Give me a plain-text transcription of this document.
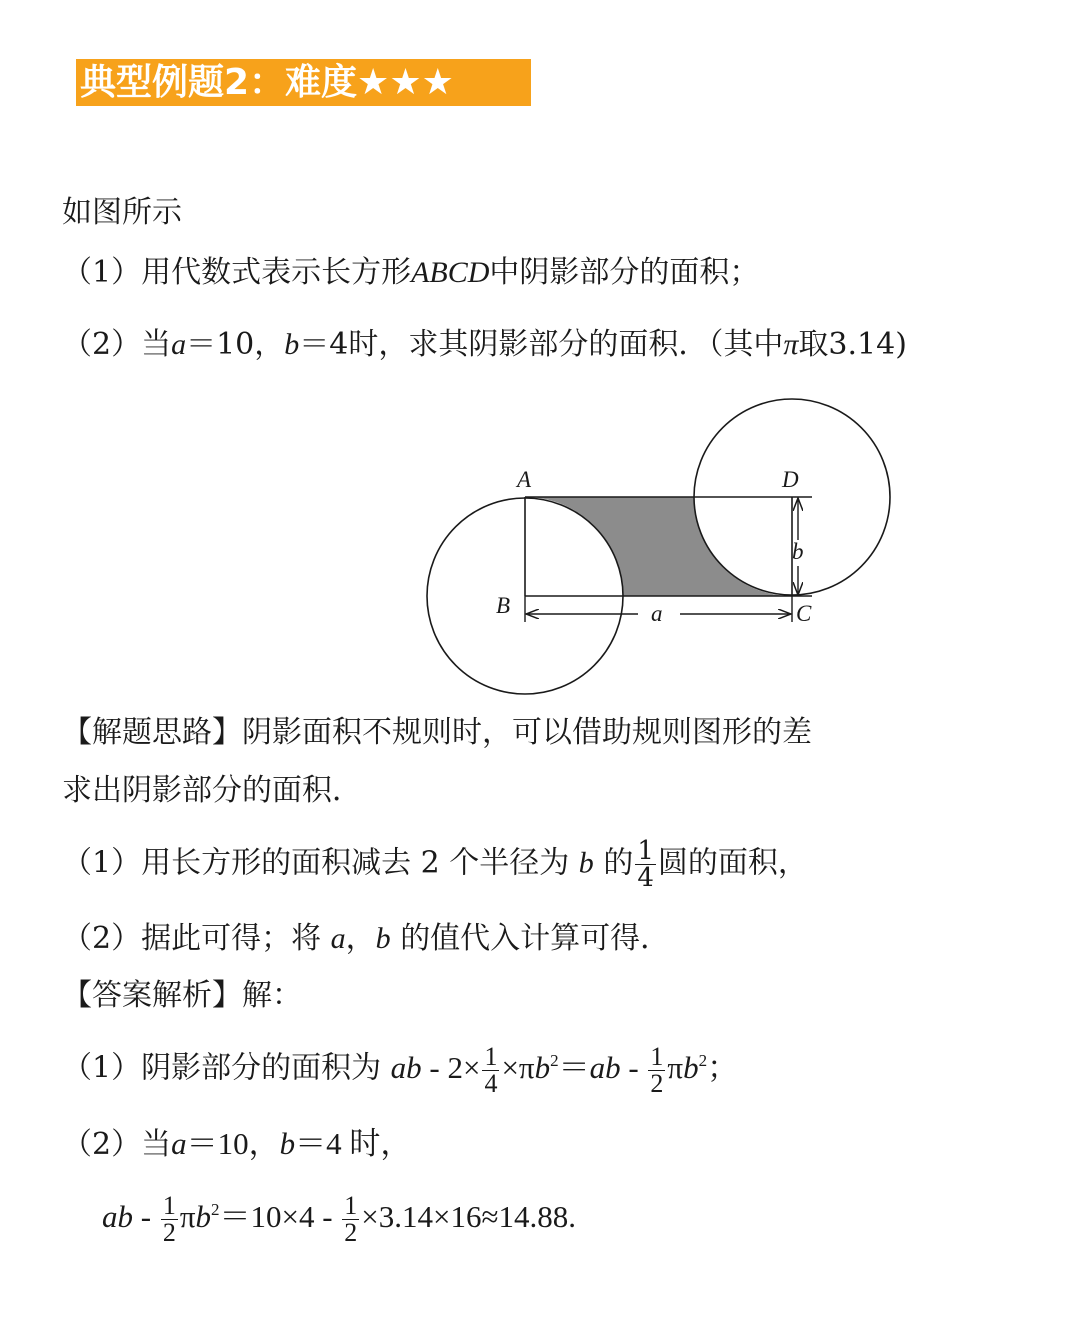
典型例题2：难度★★★
如图所示
（1）用代数式表示长方形ABCD中阴影部分的面积；
（2）当a＝10，b＝4时，求其阴影部分的面积．（其中π取3.14)
A
B	C
D
a
b
【解题思路】阴影面积不规则时，可以借助规则图形的差
求出阴影部分的面积．
（1）用长方形的面积减去 2 个半径为 b 的 $\frac{1}{4}$ 圆的面积，
（2）据此可得；将 a，b 的值代入计算可得．
【答案解析】解：
（1）阴影部分的面积为 ab - $2\times \frac{1}{4} \times\pi b^2=ab - \frac{1}{2} \pi b^2$；
（2）当a＝10，b＝4 时，
ab - $\frac{1}{2} \pi b^2=10\times 4 - \frac{1}{2} \times 3.14\times 16\approx 14.88$.
